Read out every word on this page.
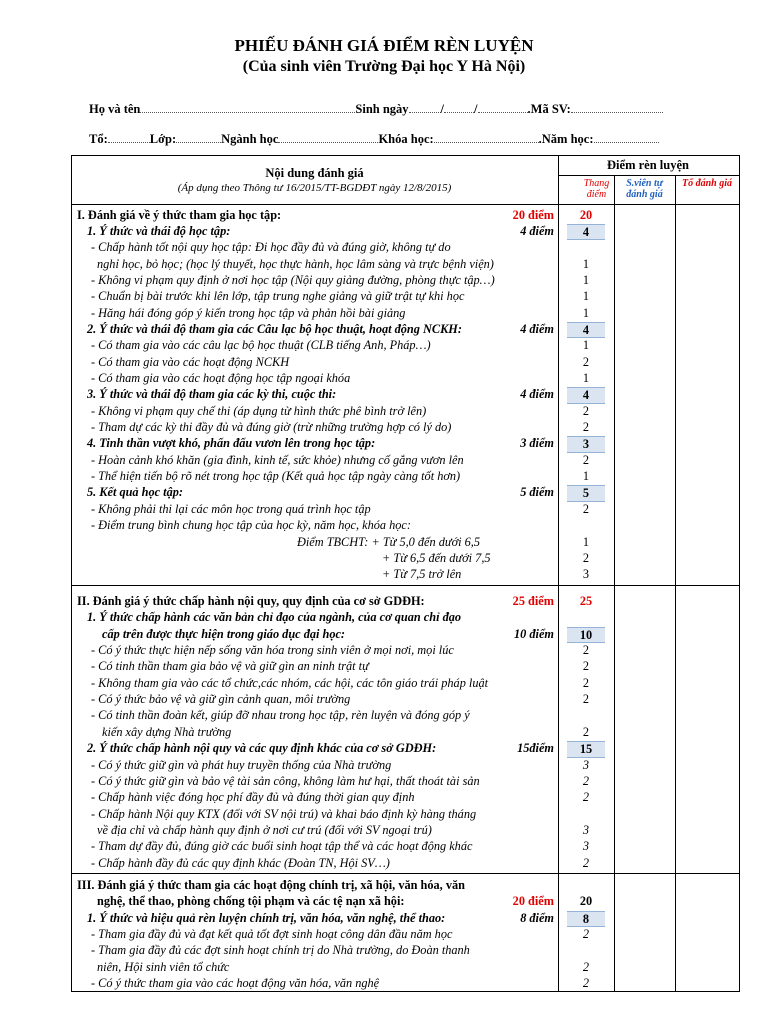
PHIẾU ĐÁNH GIÁ ĐIỂM RÈN LUYỆN
(Của sinh viên Trường Đại học Y Hà Nội)
Họ và tên	Sinh ngày	/ /	.Mã SV:
Tổ:	Lớp:	Ngành học	Khóa học:	.Năm học:
Nội dung đánh giá
(Áp dụng theo Thông tư 16/2015/TT-BGDĐT ngày 12/8/2015)
Điểm rèn luyện
Thang điểm
S.viên tự đánh giá
Tổ đánh giá
I. Đánh giá về ý thức tham gia học tập:	20 điểm	20
1. Ý thức và thái độ học tập:	4 điểm	4
- Chấp hành tốt nội quy học tập: Đi học đầy đủ và đúng giờ, không tự do
nghỉ học, bỏ học; (học lý thuyết, học thực hành, học lâm sàng và trực bệnh viện)	1
- Không vi phạm quy định ở nơi học tập (Nội quy giảng đường, phòng thực tập…)	1
- Chuẩn bị bài trước khi lên lớp, tập trung nghe giảng và giữ trật tự khi học	1
- Hăng hái đóng góp ý kiến trong học tập và phản hồi bài giảng	1
2. Ý thức và thái độ tham gia các Câu lạc bộ học thuật, hoạt động NCKH:	4 điểm	4
- Có tham gia vào các câu lạc bộ học thuật (CLB tiếng Anh, Pháp…)	1
- Có tham gia vào các hoạt động NCKH	2
- Có tham gia vào các hoạt động học tập ngoại khóa	1
3. Ý thức và thái độ tham gia các kỳ thi, cuộc thi:	4 điểm	4
- Không vi phạm quy chế thi (áp dụng từ hình thức phê bình trở lên)	2
- Tham dự các kỳ thi đầy đủ và đúng giờ (trừ những trường hợp có lý do)	2
4. Tinh thần vượt khó, phấn đấu vươn lên trong học tập:	3 điểm	3
- Hoàn cảnh khó khăn (gia đình, kinh tế, sức khỏe) nhưng cố gắng vươn lên	2
- Thể hiện tiến bộ rõ nét trong học tập (Kết quả học tập ngày càng tốt hơn)	1
5. Kết quả học tập:	5 điểm	5
- Không phải thi lại các môn học trong quá trình học tập	2
- Điểm trung bình chung học tập của học kỳ, năm học, khóa học:
Điểm TBCHT: + Từ 5,0 đến dưới 6,5	1
+ Từ 6,5 đến dưới 7,5	2
+ Từ 7,5 trở lên	3
II. Đánh giá ý thức chấp hành nội quy, quy định của cơ sở GDĐH:	25 điểm	25
1. Ý thức chấp hành các văn bản chỉ đạo của ngành, của cơ quan chỉ đạo
cấp trên được thực hiện trong giáo dục đại học:	10 điểm	10
- Có ý thức thực hiện nếp sống văn hóa trong sinh viên ở mọi nơi, mọi lúc	2
- Có tinh thần tham gia bảo vệ và giữ gìn an ninh trật tự	2
- Không tham gia vào các tổ chức,các nhóm, các hội, các tôn giáo trái pháp luật	2
- Có ý thức bảo vệ và giữ gìn cảnh quan, môi trường	2
- Có tinh thần đoàn kết, giúp đỡ nhau trong học tập, rèn luyện và đóng góp ý
kiến xây dựng Nhà trường	2
2. Ý thức chấp hành nội quy và các quy định khác của cơ sở GDĐH:	15điểm	15
- Có ý thức giữ gìn và phát huy truyền thống của Nhà trường	3
- Có ý thức giữ gìn và bảo vệ tài sản công, không làm hư hại, thất thoát tài sản	2
- Chấp hành việc đóng học phí đầy đủ và đúng thời gian quy định	2
- Chấp hành Nội quy KTX (đối với SV nội trú) và khai báo định kỳ hàng tháng
về địa chỉ và chấp hành quy định ở nơi cư trú (đối với SV ngoại trú)	3
- Tham dự đầy đủ, đúng giờ các buổi sinh hoạt tập thể và các hoạt động khác	3
- Chấp hành đầy đủ các quy định khác (Đoàn TN, Hội SV…)	2
III. Đánh giá ý thức tham gia các hoạt động chính trị, xã hội, văn hóa, văn
nghệ, thể thao, phòng chống tội phạm và các tệ nạn xã hội:	20 điểm	20
1. Ý thức và hiệu quả rèn luyện chính trị, văn hóa, văn nghệ, thể thao:	8 điểm	8
- Tham gia đầy đủ và đạt kết quả tốt đợt sinh hoạt công dân đầu năm học	2
- Tham gia đầy đủ các đợt sinh hoạt chính trị do Nhà trường, do Đoàn thanh
niên, Hội sinh viên tổ chức	2
- Có ý thức tham gia vào các hoạt động văn hóa, văn nghệ	2
